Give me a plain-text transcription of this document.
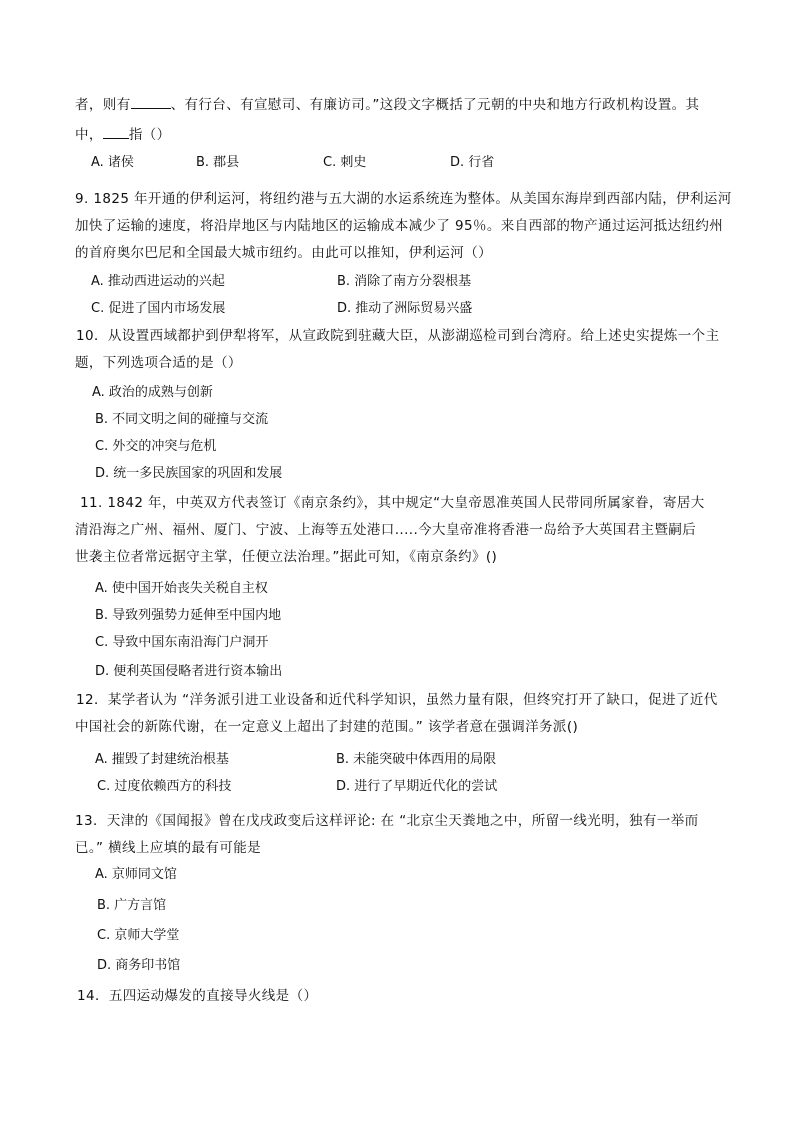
者，则有	、有行台、有宣慰司、有廉访司。”这段文字概括了元朝的中央和地方行政机构设置。其
中， 指（）
A. 诸侯	B. 郡县	C. 刺史	D. 行省
9. 1825 年开通的伊利运河，将纽约港与五大湖的水运系统连为整体。从美国东海岸到西部内陆，伊利运河
加快了运输的速度，将沿岸地区与内陆地区的运输成本减少了 95％。来自西部的物产通过运河抵达纽约州
的首府奥尔巴尼和全国最大城市纽约。由此可以推知，伊利运河（）
A. 推动西进运动的兴起	B. 消除了南方分裂根基
C. 促进了国内市场发展	D. 推动了洲际贸易兴盛
10．从设置西域都护到伊犁将军，从宣政院到驻藏大臣，从澎湖巡检司到台湾府。给上述史实提炼一个主
题，下列选项合适的是（）
A. 政治的成熟与创新
B. 不同文明之间的碰撞与交流
C. 外交的冲突与危机
D. 统一多民族国家的巩固和发展
11. 1842 年，中英双方代表签订《南京条约》，其中规定“大皇帝恩准英国人民带同所属家眷，寄居大
清沿海之广州、福州、厦门、宁波、上海等五处港口.....今大皇帝准将香港一岛给予大英国君主暨嗣后
世袭主位者常远据守主掌，任便立法治理。”据此可知，《南京条约》()
A. 使中国开始丧失关税自主权
B. 导致列强势力延伸至中国内地
C. 导致中国东南沿海门户洞开
D. 便利英国侵略者进行资本输出
12．某学者认为 “洋务派引进工业设备和近代科学知识，虽然力量有限，但终究打开了缺口，促进了近代
中国社会的新陈代谢，在一定意义上超出了封建的范围。” 该学者意在强调洋务派()
A. 摧毁了封建统治根基	B. 未能突破中体西用的局限
C. 过度依赖西方的科技	D. 进行了早期近代化的尝试
13．天津的《国闻报》曾在戊戌政变后这样评论: 在 “北京尘天粪地之中，所留一线光明，独有一举而
已。” 横线上应填的最有可能是
A. 京师同文馆
B. 广方言馆
C. 京师大学堂
D. 商务印书馆
14．五四运动爆发的直接导火线是（）
